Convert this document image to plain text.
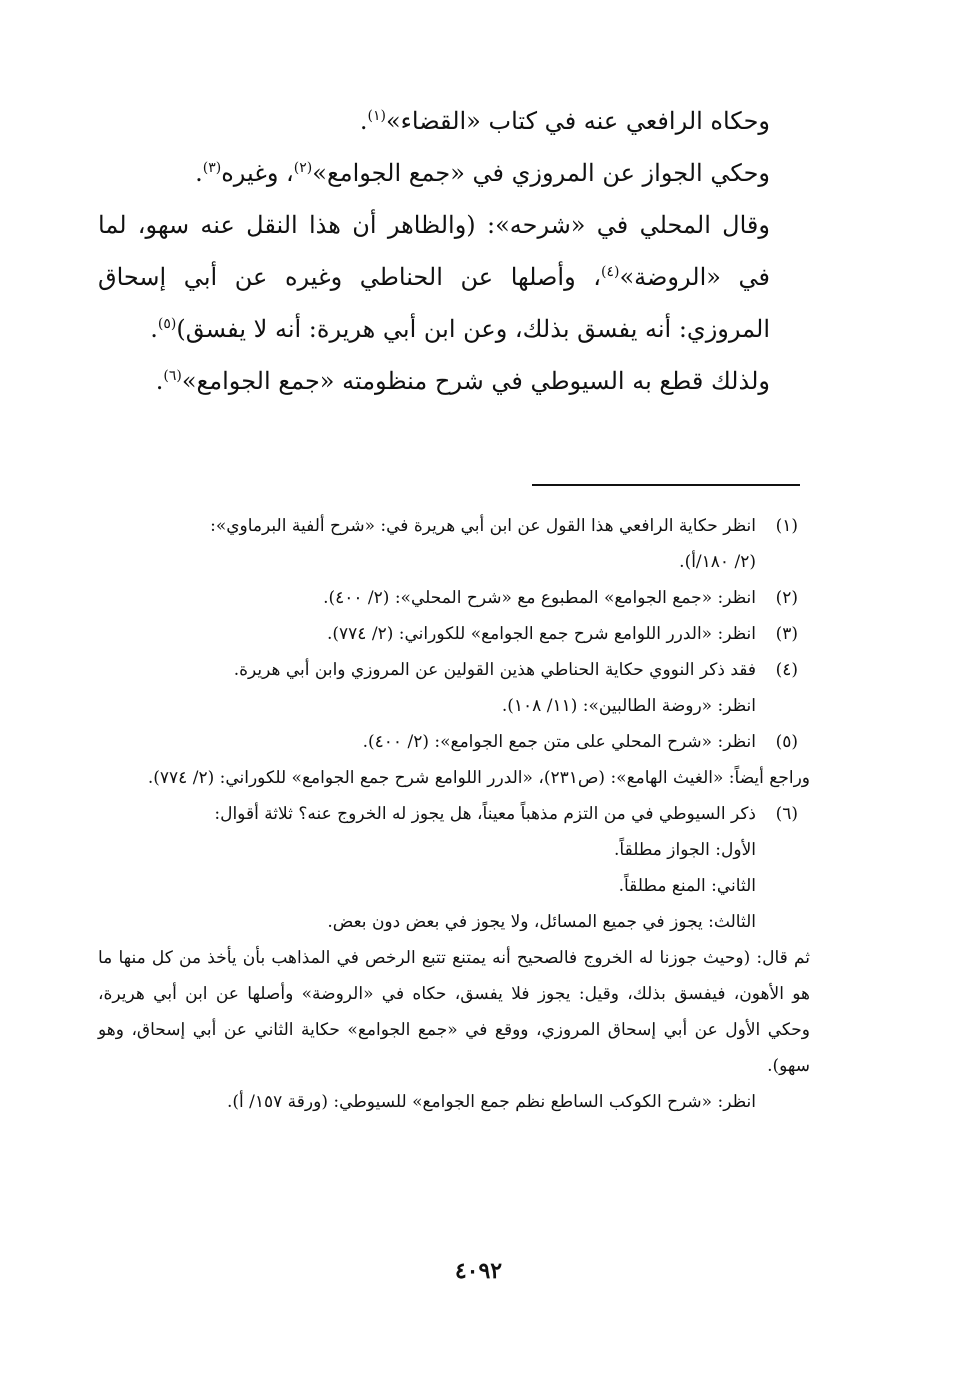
وحكاه الرافعي عنه في كتاب «القضاء»$^{(١)}$.

وحكي الجواز عن المروزي في «جمع الجوامع»$^{(٢)}$، وغيره$^{(٣)}$.

وقال المحلي في «شرحه»: (والظاهر أن هذا النقل عنه سهو، لما في «الروضة»$^{(٤)}$، وأصلها عن الحناطي وغيره عن أبي إسحاق المروزي: أنه يفسق بذلك، وعن ابن أبي هريرة: أنه لا يفسق)$^{(٥)}$.

ولذلك قطع به السيوطي في شرح منظومته «جمع الجوامع»$^{(٦)}$.

(١)
انظر حكاية الرافعي هذا القول عن ابن أبي هريرة في: «شرح ألفية البرماوي»:
(٢/ ١٨٠/أ).
(٢)
انظر: «جمع الجوامع» المطبوع مع «شرح المحلي»: (٢/ ٤٠٠).
(٣)
انظر: «الدرر اللوامع شرح جمع الجوامع» للكوراني: (٢/ ٧٧٤).
(٤)
فقد ذكر النووي حكاية الحناطي هذين القولين عن المروزي وابن أبي هريرة.
انظر: «روضة الطالبين»: (١١/ ١٠٨).
(٥)
انظر: «شرح المحلي على متن جمع الجوامع»: (٢/ ٤٠٠).
وراجع أيضاً: «الغيث الهامع»: (ص٢٣١)، «الدرر اللوامع شرح جمع الجوامع» للكوراني: (٢/ ٧٧٤).
(٦)
ذكر السيوطي في من التزم مذهباً معيناً، هل يجوز له الخروج عنه؟ ثلاثة أقوال:
الأول: الجواز مطلقاً.
الثاني: المنع مطلقاً.
الثالث: يجوز في جميع المسائل، ولا يجوز في بعض دون بعض.
ثم قال: (وحيث جوزنا له الخروج فالصحيح أنه يمتنع تتبع الرخص في المذاهب بأن يأخذ من كل منها ما هو الأهون، فيفسق بذلك، وقيل: يجوز فلا يفسق، حكاه في «الروضة» وأصلها عن ابن أبي هريرة، وحكي الأول عن أبي إسحاق المروزي، ووقع في «جمع الجوامع» حكاية الثاني عن أبي إسحاق، وهو سهو).
انظر: «شرح الكوكب الساطع نظم جمع الجوامع» للسيوطي: (ورقة ١٥٧/ أ).
٤٠٩٢
